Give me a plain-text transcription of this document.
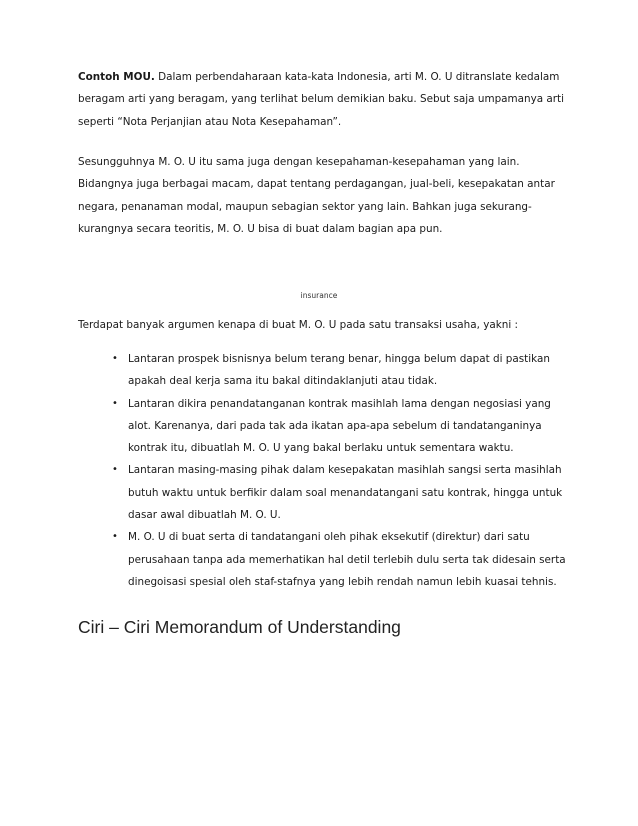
Contoh MOU. Dalam perbendaharaan kata-kata Indonesia, arti M. O. U ditranslate kedalam beragam arti yang beragam, yang terlihat belum demikian baku. Sebut saja umpamanya arti seperti “Nota Perjanjian atau Nota Kesepahaman”.

Sesungguhnya M. O. U itu sama juga dengan kesepahaman-kesepahaman yang lain. Bidangnya juga berbagai macam, dapat tentang perdagangan, jual-beli, kesepakatan antar negara, penanaman modal, maupun sebagian sektor yang lain. Bahkan juga sekurang-kurangnya secara teoritis, M. O. U bisa di buat dalam bagian apa pun.

insurance

Terdapat banyak argumen kenapa di buat M. O. U pada satu transaksi usaha, yakni :

• Lantaran prospek bisnisnya belum terang benar, hingga belum dapat di pastikan apakah deal kerja sama itu bakal ditindaklanjuti atau tidak.
• Lantaran dikira penandatanganan kontrak masihlah lama dengan negosiasi yang alot. Karenanya, dari pada tak ada ikatan apa-apa sebelum di tandatanganinya kontrak itu, dibuatlah M. O. U yang bakal berlaku untuk sementara waktu.
• Lantaran masing-masing pihak dalam kesepakatan masihlah sangsi serta masihlah butuh waktu untuk berfikir dalam soal menandatangani satu kontrak, hingga untuk dasar awal dibuatlah M. O. U.
• M. O. U di buat serta di tandatangani oleh pihak eksekutif (direktur) dari satu perusahaan tanpa ada memerhatikan hal detil terlebih dulu serta tak didesain serta dinegoisasi spesial oleh staf-stafnya yang lebih rendah namun lebih kuasai tehnis.
Ciri – Ciri Memorandum of Understanding
